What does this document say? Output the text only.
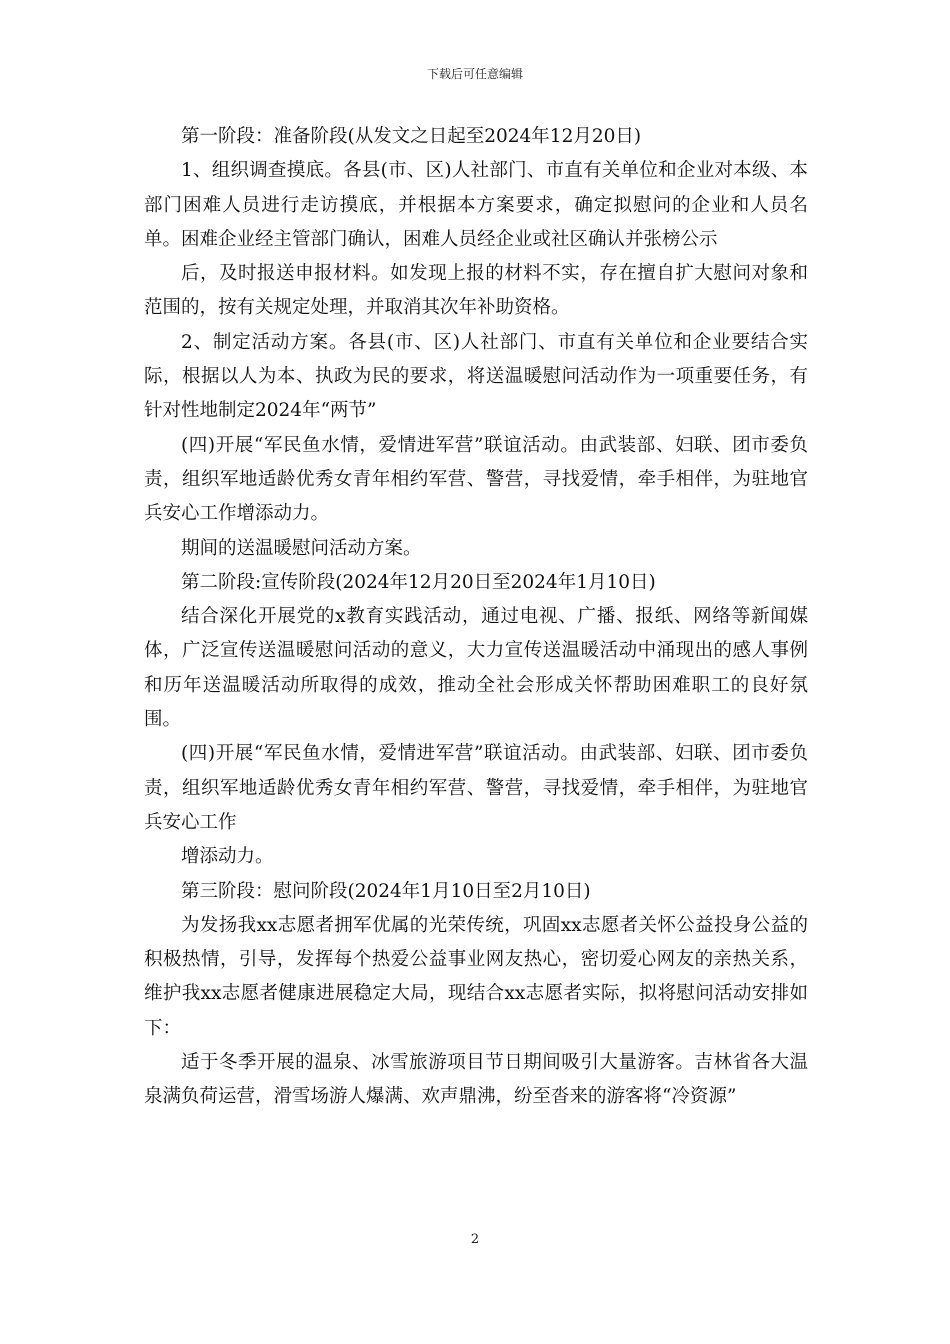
下载后可任意编辑

第一阶段：准备阶段(从发文之日起至2024年12月20日)

1、组织调查摸底。各县(市、区)人社部门、市直有关单位和企业对本级、本部门困难人员进行走访摸底，并根据本方案要求，确定拟慰问的企业和人员名单。困难企业经主管部门确认，困难人员经企业或社区确认并张榜公示

后，及时报送申报材料。如发现上报的材料不实，存在擅自扩大慰问对象和范围的，按有关规定处理，并取消其次年补助资格。

2、制定活动方案。各县(市、区)人社部门、市直有关单位和企业要结合实际，根据以人为本、执政为民的要求，将送温暖慰问活动作为一项重要任务，有针对性地制定2024年“两节”

(四)开展“军民鱼水情，爱情进军营”联谊活动。由武装部、妇联、团市委负责，组织军地适龄优秀女青年相约军营、警营，寻找爱情，牵手相伴，为驻地官兵安心工作增添动力。

期间的送温暖慰问活动方案。

第二阶段:宣传阶段(2024年12月20日至2024年1月10日)

结合深化开展党的x教育实践活动，通过电视、广播、报纸、网络等新闻媒体，广泛宣传送温暖慰问活动的意义，大力宣传送温暖活动中涌现出的感人事例和历年送温暖活动所取得的成效，推动全社会形成关怀帮助困难职工的良好氛围。

(四)开展“军民鱼水情，爱情进军营”联谊活动。由武装部、妇联、团市委负责，组织军地适龄优秀女青年相约军营、警营，寻找爱情，牵手相伴，为驻地官兵安心工作

增添动力。

第三阶段：慰问阶段(2024年1月10日至2月10日)

为发扬我xx志愿者拥军优属的光荣传统，巩固xx志愿者关怀公益投身公益的积极热情，引导，发挥每个热爱公益事业网友热心，密切爱心网友的亲热关系，维护我xx志愿者健康进展稳定大局，现结合xx志愿者实际，拟将慰问活动安排如下：

适于冬季开展的温泉、冰雪旅游项目节日期间吸引大量游客。吉林省各大温泉满负荷运营，滑雪场游人爆满、欢声鼎沸，纷至沓来的游客将“冷资源”

2
